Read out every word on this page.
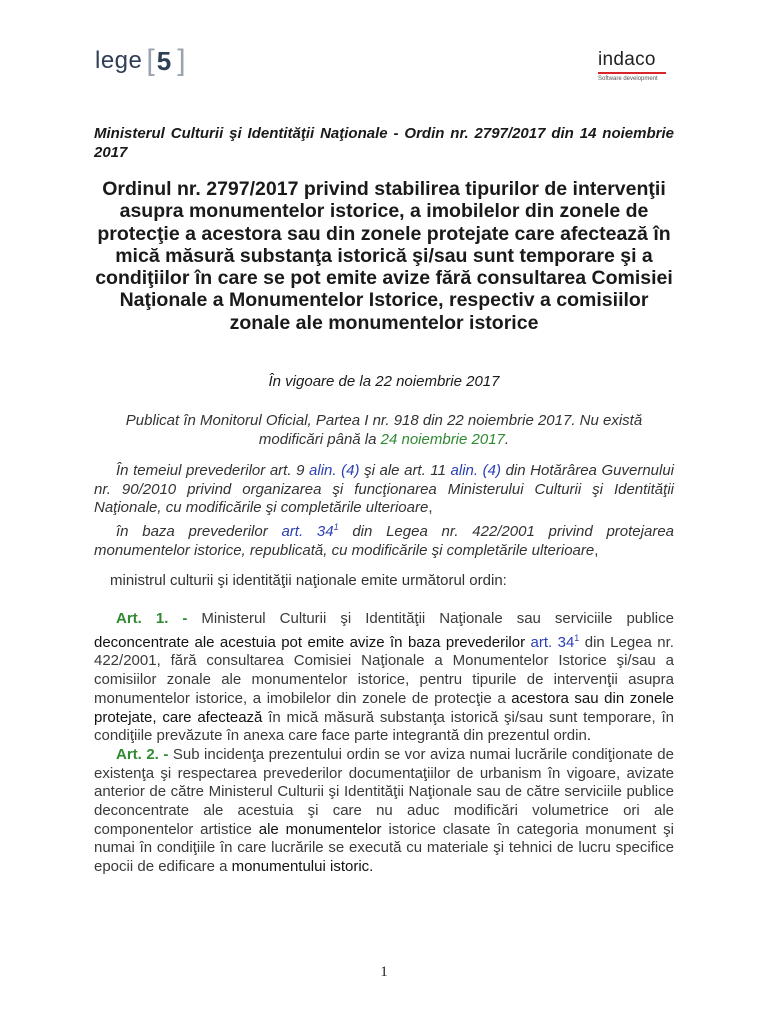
lege [ 5 ]	indaco
Software development
Ministerul Culturii şi Identităţii Naţionale - Ordin nr. 2797/2017 din 14 noiembrie 2017
Ordinul nr. 2797/2017 privind stabilirea tipurilor de intervenţii asupra monumentelor istorice, a imobilelor din zonele de protecţie a acestora sau din zonele protejate care afectează în mică măsură substanţa istorică şi/sau sunt temporare şi a condiţiilor în care se pot emite avize fără consultarea Comisiei Naţionale a Monumentelor Istorice, respectiv a comisiilor zonale ale monumentelor istorice
În vigoare de la 22 noiembrie 2017
Publicat în Monitorul Oficial, Partea I nr. 918 din 22 noiembrie 2017. Nu există modificări până la 24 noiembrie 2017.

În temeiul prevederilor art. 9 alin. (4) şi ale art. 11 alin. (4) din Hotărârea Guvernului nr. 90/2010 privind organizarea şi funcţionarea Ministerului Culturii şi Identităţii Naţionale, cu modificările şi completările ulterioare,

în baza prevederilor art. $34^1$ din Legea nr. 422/2001 privind protejarea monumentelor istorice, republicată, cu modificările şi completările ulterioare,

ministrul culturii şi identităţii naţionale emite următorul ordin:

Art. 1. - Ministerul Culturii şi Identităţii Naţionale sau serviciile publice deconcentrate ale acestuia pot emite avize în baza prevederilor art. $34^1$ din Legea nr. 422/2001, fără consultarea Comisiei Naţionale a Monumentelor Istorice şi/sau a comisiilor zonale ale monumentelor istorice, pentru tipurile de intervenţii asupra monumentelor istorice, a imobilelor din zonele de protecţie a acestora sau din zonele protejate, care afectează în mică măsură substanţa istorică şi/sau sunt temporare, în condiţiile prevăzute în anexa care face parte integrantă din prezentul ordin.

Art. 2. - Sub incidenţa prezentului ordin se vor aviza numai lucrările condiţionate de existenţa şi respectarea prevederilor documentaţiilor de urbanism în vigoare, avizate anterior de către Ministerul Culturii şi Identităţii Naţionale sau de către serviciile publice deconcentrate ale acestuia şi care nu aduc modificări volumetrice ori ale componentelor artistice ale monumentelor istorice clasate în categoria monument şi numai în condiţiile în care lucrările se execută cu materiale şi tehnici de lucru specifice epocii de edificare a monumentului istoric.

1
